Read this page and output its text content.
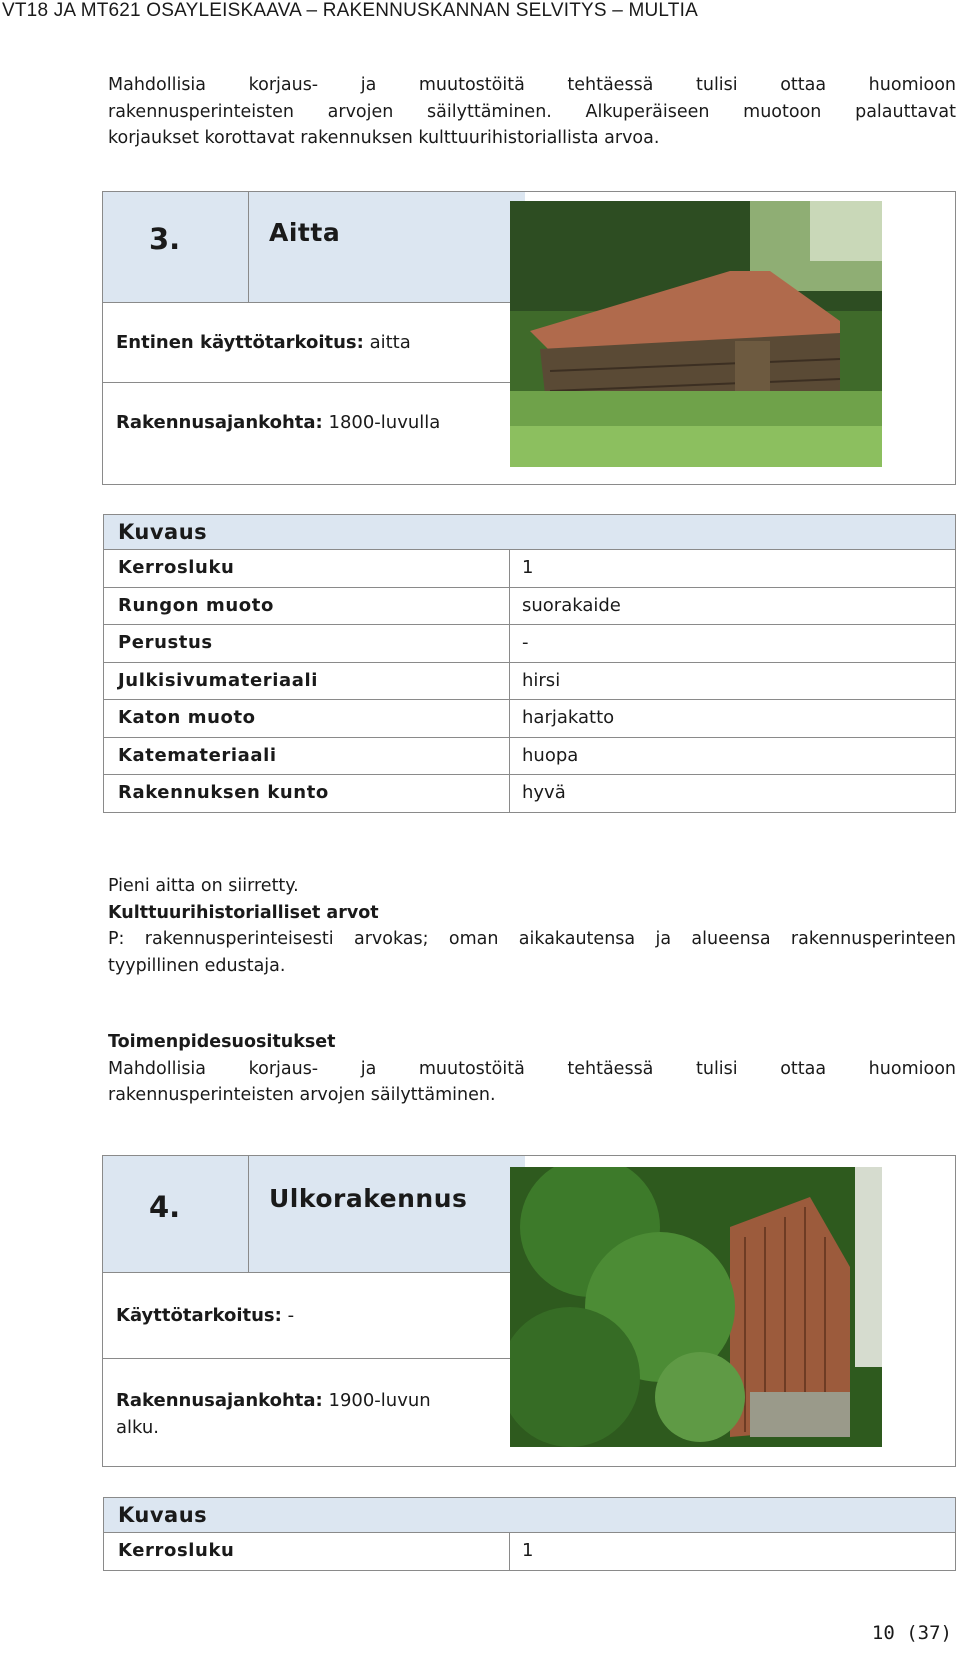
VT18 JA MT621 OSAYLEISKAAVA – RAKENNUSKANNAN SELVITYS – MULTIA
Mahdollisia korjaus- ja muutostöitä tehtäessä tulisi ottaa huomioon
rakennusperinteisten arvojen säilyttäminen. Alkuperäiseen muotoon palauttavat
korjaukset korottavat rakennuksen kulttuurihistoriallista arvoa.
3.	Aitta
Entinen käyttötarkoitus: aitta
Rakennusajankohta: 1800-luvulla
Kuvaus
Kerrosluku	1
Rungon muoto	suorakaide
Perustus	-
Julkisivumateriaali	hirsi
Katon muoto	harjakatto
Katemateriaali	huopa
Rakennuksen kunto	hyvä
Pieni aitta on siirretty.
Kulttuurihistorialliset arvot
P: rakennusperinteisesti arvokas; oman aikakautensa ja alueensa rakennusperinteen
tyypillinen edustaja.
Toimenpidesuositukset
Mahdollisia korjaus- ja muutostöitä tehtäessä tulisi ottaa huomioon
rakennusperinteisten arvojen säilyttäminen.
4.	Ulkorakennus
Käyttötarkoitus: -
Rakennusajankohta: 1900-luvun
alku.
Kuvaus
Kerrosluku	1
10 (37)
